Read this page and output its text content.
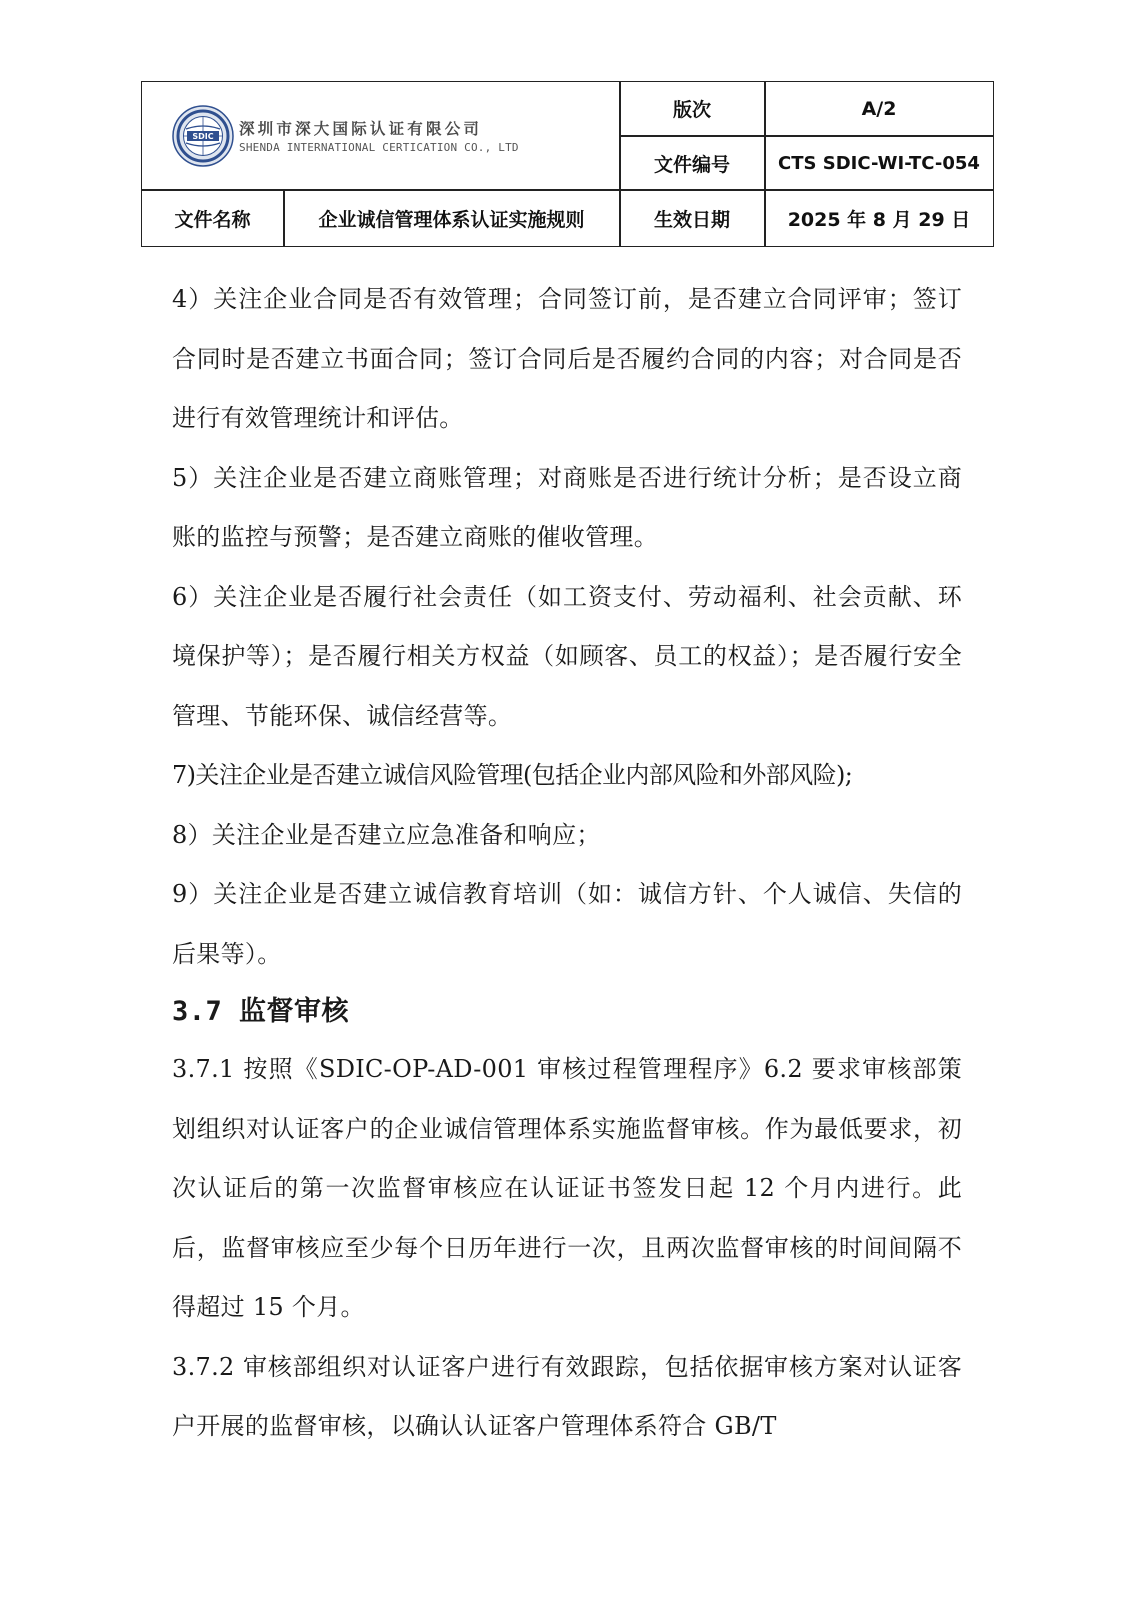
SDIC 深圳市深大国际认证有限公司
SHENDA INTERNATIONAL CERTICATION CO., LTD
版次	A/2
文件编号	CTS SDIC-WI-TC-054
文件名称	企业诚信管理体系认证实施规则	生效日期	2025 年 8 月 29 日

4）关注企业合同是否有效管理；合同签订前，是否建立合同评审；签订合同时是否建立书面合同；签订合同后是否履约合同的内容；对合同是否进行有效管理统计和评估。

5）关注企业是否建立商账管理；对商账是否进行统计分析；是否设立商账的监控与预警；是否建立商账的催收管理。

6）关注企业是否履行社会责任（如工资支付、劳动福利、社会贡献、环境保护等）；是否履行相关方权益（如顾客、员工的权益）；是否履行安全管理、节能环保、诚信经营等。

7)关注企业是否建立诚信风险管理(包括企业内部风险和外部风险);

8）关注企业是否建立应急准备和响应；

9）关注企业是否建立诚信教育培训（如：诚信方针、个人诚信、失信的后果等）。

3.7 监督审核

3.7.1 按照《SDIC-OP-AD-001 审核过程管理程序》6.2 要求审核部策划组织对认证客户的企业诚信管理体系实施监督审核。作为最低要求，初次认证后的第一次监督审核应在认证证书签发日起 12 个月内进行。此后，监督审核应至少每个日历年进行一次，且两次监督审核的时间间隔不得超过 15 个月。

3.7.2 审核部组织对认证客户进行有效跟踪，包括依据审核方案对认证客户开展的监督审核，以确认认证客户管理体系符合 GB/T
